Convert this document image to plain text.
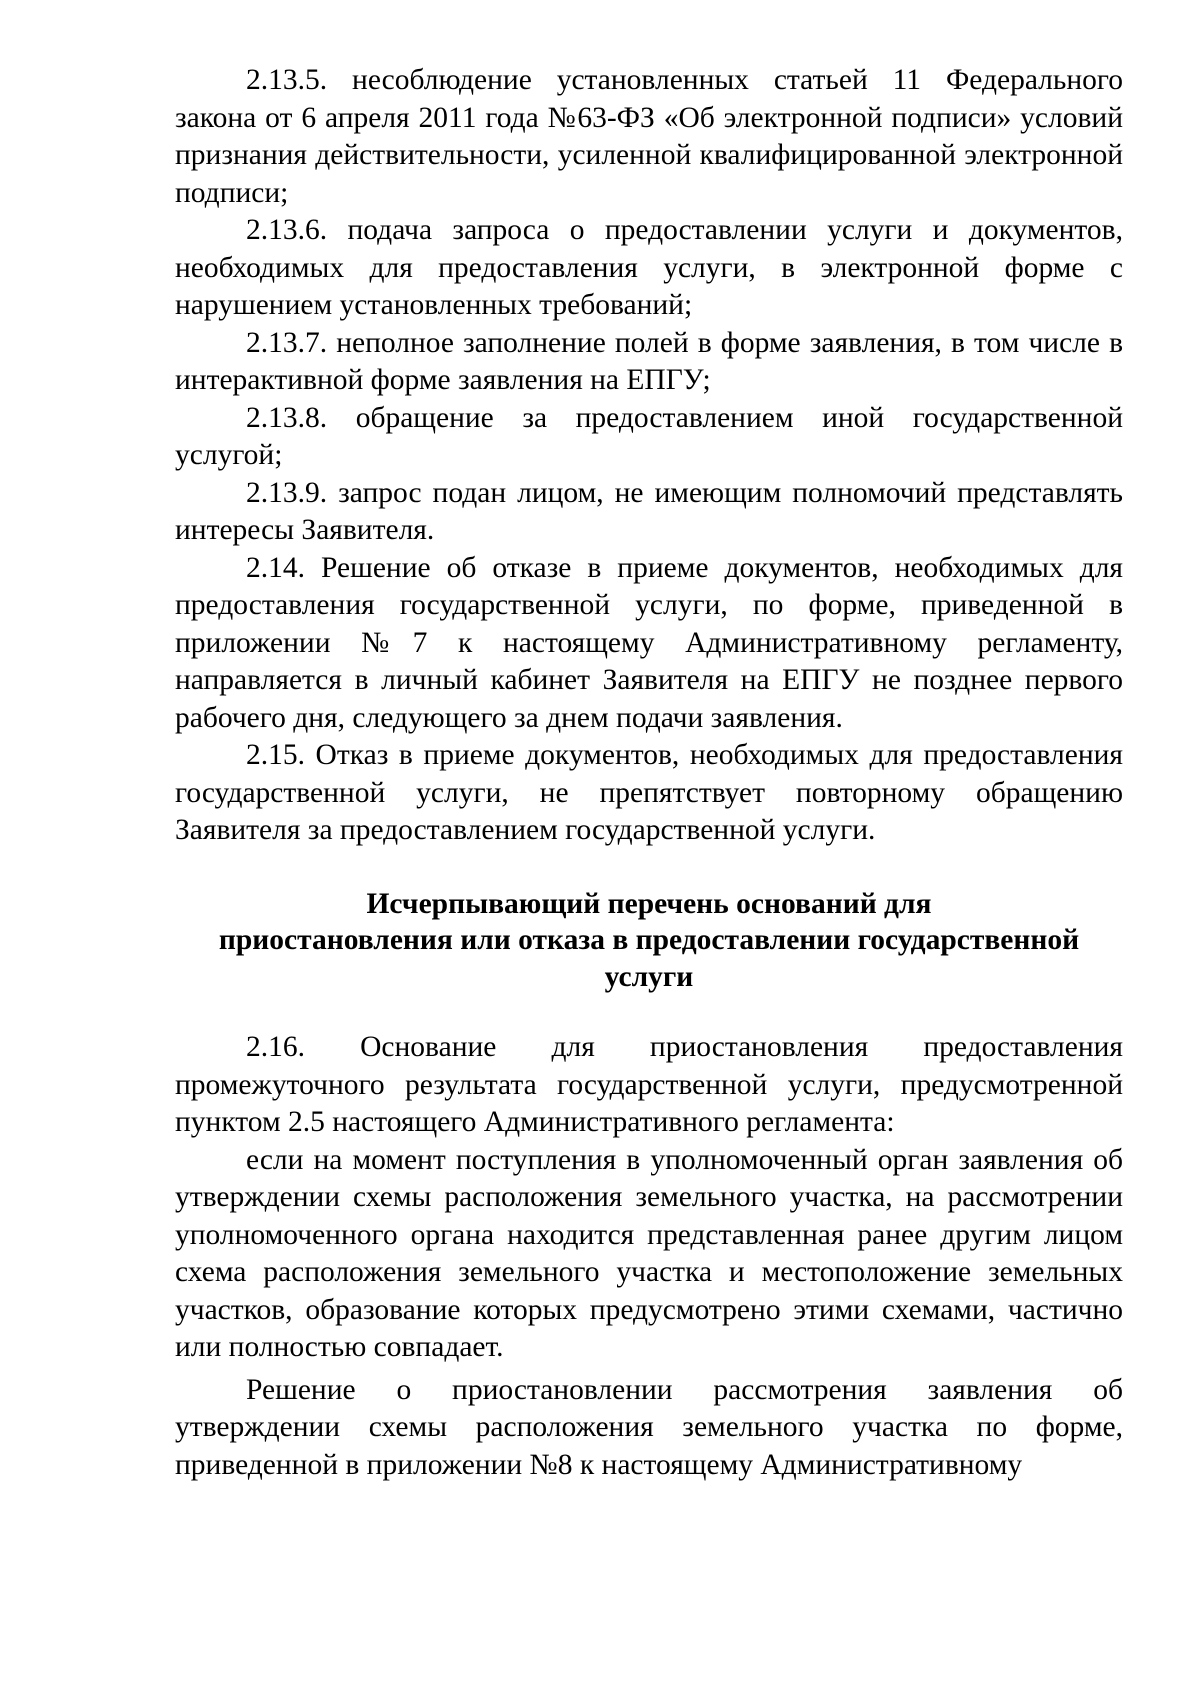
2.13.5. несоблюдение установленных статьей 11 Федерального закона от 6 апреля 2011 года №63-ФЗ «Об электронной подписи» условий признания действительности, усиленной квалифицированной электронной подписи;

2.13.6. подача запроса о предоставлении услуги и документов, необходимых для предоставления услуги, в электронной форме с нарушением установленных требований;

2.13.7. неполное заполнение полей в форме заявления, в том числе в интерактивной форме заявления на ЕПГУ;

2.13.8. обращение за предоставлением иной государственной услугой;

2.13.9. запрос подан лицом, не имеющим полномочий представлять интересы Заявителя.

2.14. Решение об отказе в приеме документов, необходимых для предоставления государственной услуги, по форме, приведенной в приложении №7 к настоящему Административному регламенту, направляется в личный кабинет Заявителя на ЕПГУ не позднее первого рабочего дня, следующего за днем подачи заявления.

2.15. Отказ в приеме документов, необходимых для предоставления государственной услуги, не препятствует повторному обращению Заявителя за предоставлением государственной услуги.

Исчерпывающий перечень оснований для
приостановления или отказа в предоставлении государственной
услуги

2.16. Основание для приостановления предоставления промежуточного результата государственной услуги, предусмотренной пунктом 2.5 настоящего Административного регламента:

если на момент поступления в уполномоченный орган заявления об утверждении схемы расположения земельного участка, на рассмотрении уполномоченного органа находится представленная ранее другим лицом схема расположения земельного участка и местоположение земельных участков, образование которых предусмотрено этими схемами, частично или полностью совпадает.

Решение о приостановлении рассмотрения заявления об утверждении схемы расположения земельного участка по форме, приведенной в приложении №8 к настоящему Административному
